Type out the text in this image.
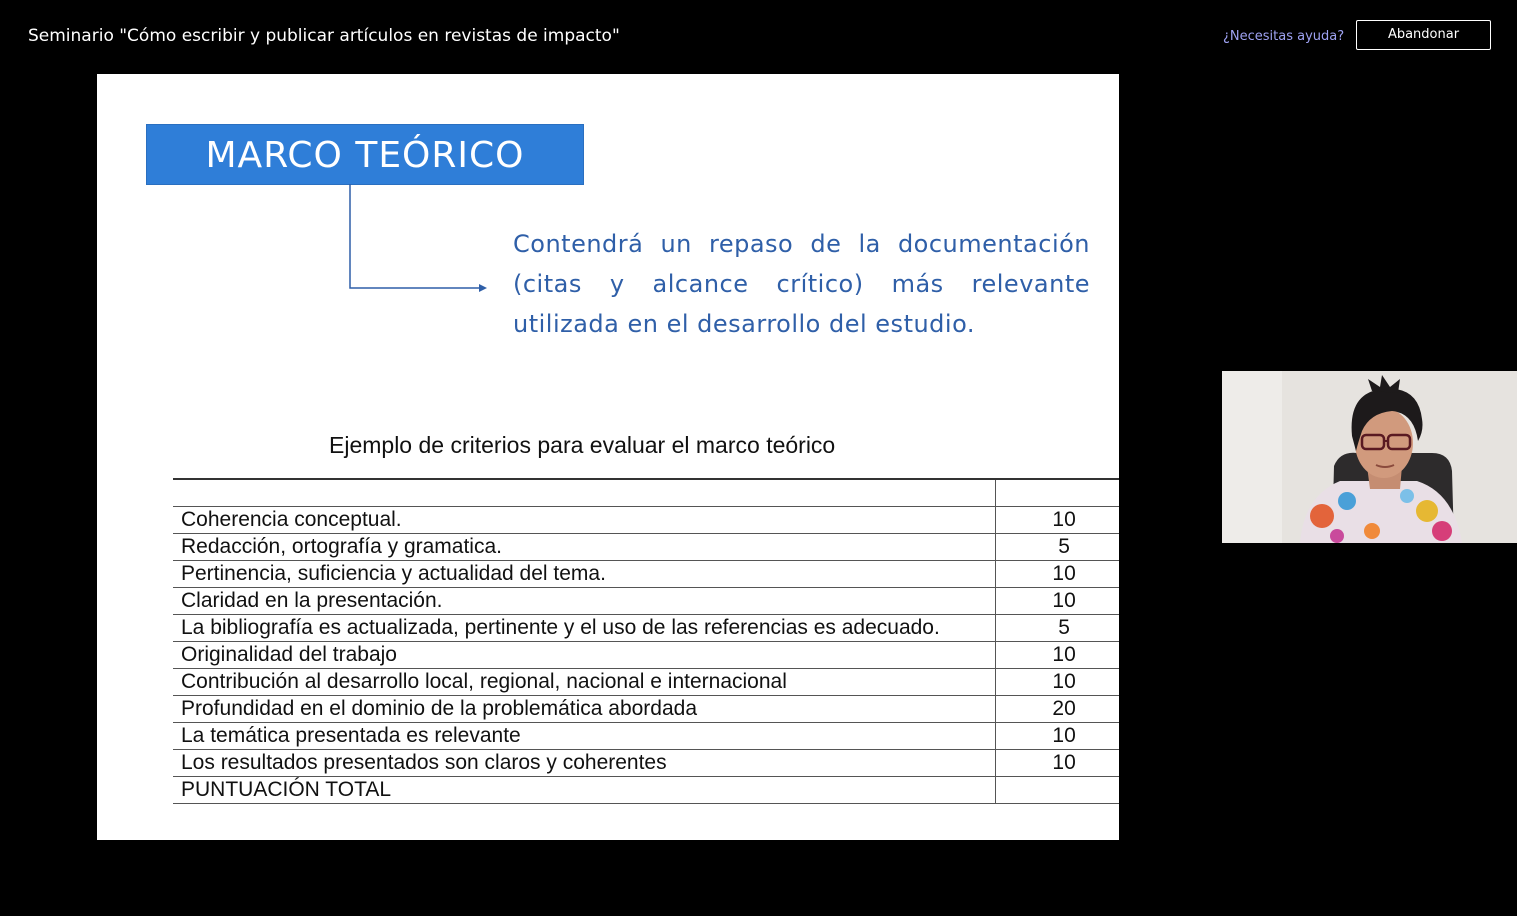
Seminario "Cómo escribir y publicar artículos en revistas de impacto"	¿Necesitas ayuda?	Abandonar
MARCO TEÓRICO
Contendrá un repaso de la documentación (citas y alcance crítico) más relevante utilizada en el desarrollo del estudio.
Ejemplo de criterios para evaluar el marco teórico

Coherencia conceptual.	10
Redacción, ortografía y gramatica.	5
Pertinencia, suficiencia y actualidad del tema.	10
Claridad en la presentación.	10
La bibliografía es actualizada, pertinente y el uso de las referencias es adecuado.	5
Originalidad del trabajo	10
Contribución al desarrollo local, regional, nacional e internacional	10
Profundidad en el dominio de la problemática abordada	20
La temática presentada es relevante	10
Los resultados presentados son claros y coherentes	10
PUNTUACIÓN TOTAL	
